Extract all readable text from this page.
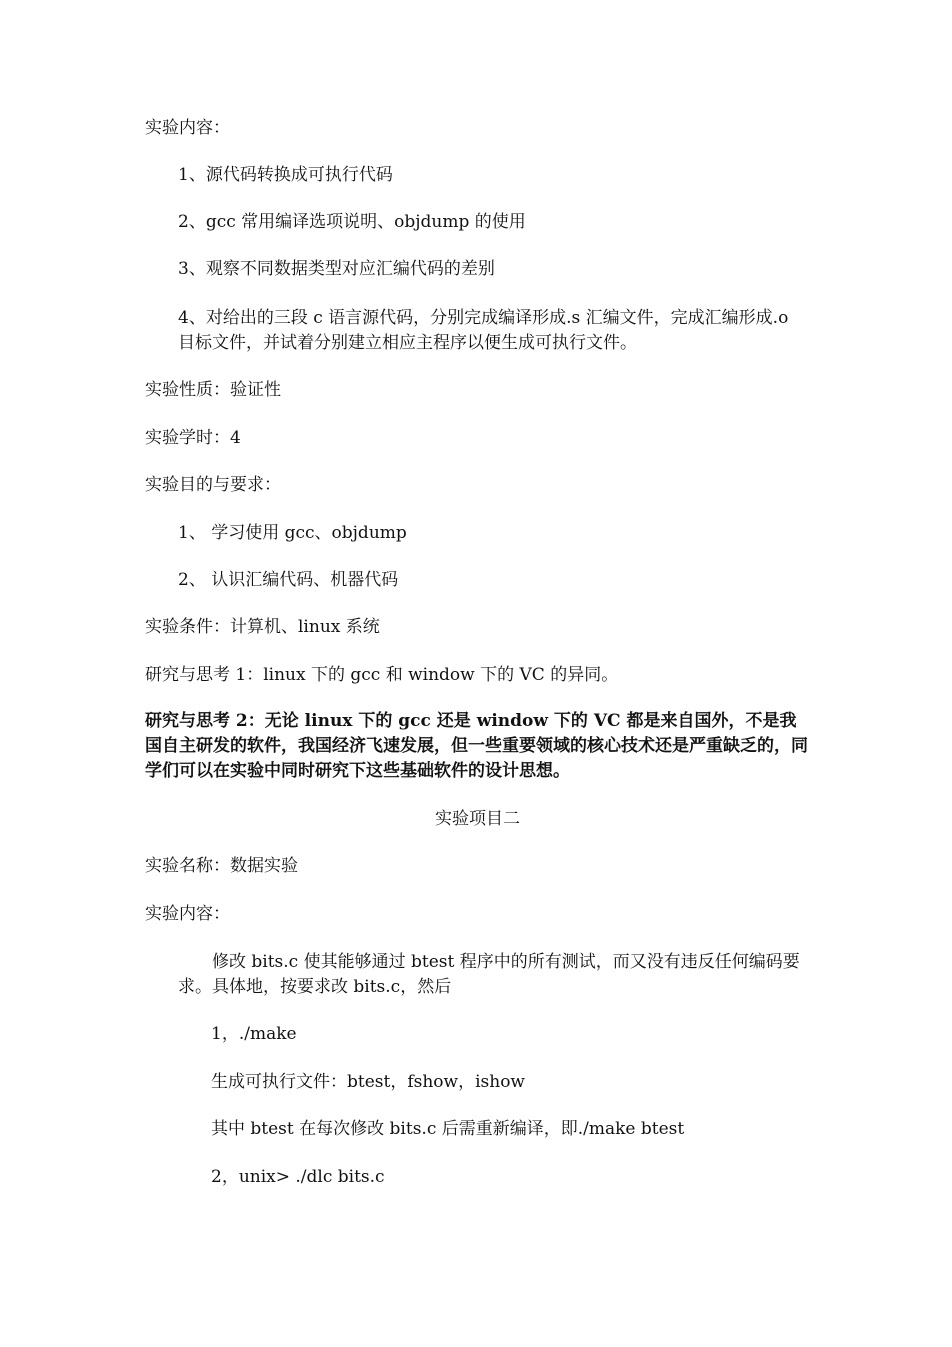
实验内容：
1、源代码转换成可执行代码
2、gcc 常用编译选项说明、objdump 的使用
3、观察不同数据类型对应汇编代码的差别
4、对给出的三段 c 语言源代码，分别完成编译形成.s 汇编文件，完成汇编形成.o 目标文件，并试着分别建立相应主程序以便生成可执行文件。
实验性质：验证性
实验学时：4
实验目的与要求：
1、 学习使用 gcc、objdump
2、 认识汇编代码、机器代码
实验条件：计算机、linux 系统
研究与思考 1：linux 下的 gcc 和 window 下的 VC 的异同。
研究与思考 2：无论 linux 下的 gcc 还是 window 下的 VC 都是来自国外，不是我国自主研发的软件，我国经济飞速发展，但一些重要领域的核心技术还是严重缺乏的，同学们可以在实验中同时研究下这些基础软件的设计思想。
实验项目二
实验名称：数据实验
实验内容：
修改 bits.c 使其能够通过 btest 程序中的所有测试，而又没有违反任何编码要求。具体地，按要求改 bits.c，然后
1，./make
生成可执行文件：btest，fshow，ishow
其中 btest 在每次修改 bits.c 后需重新编译，即./make btest
2，unix> ./dlc bits.c
